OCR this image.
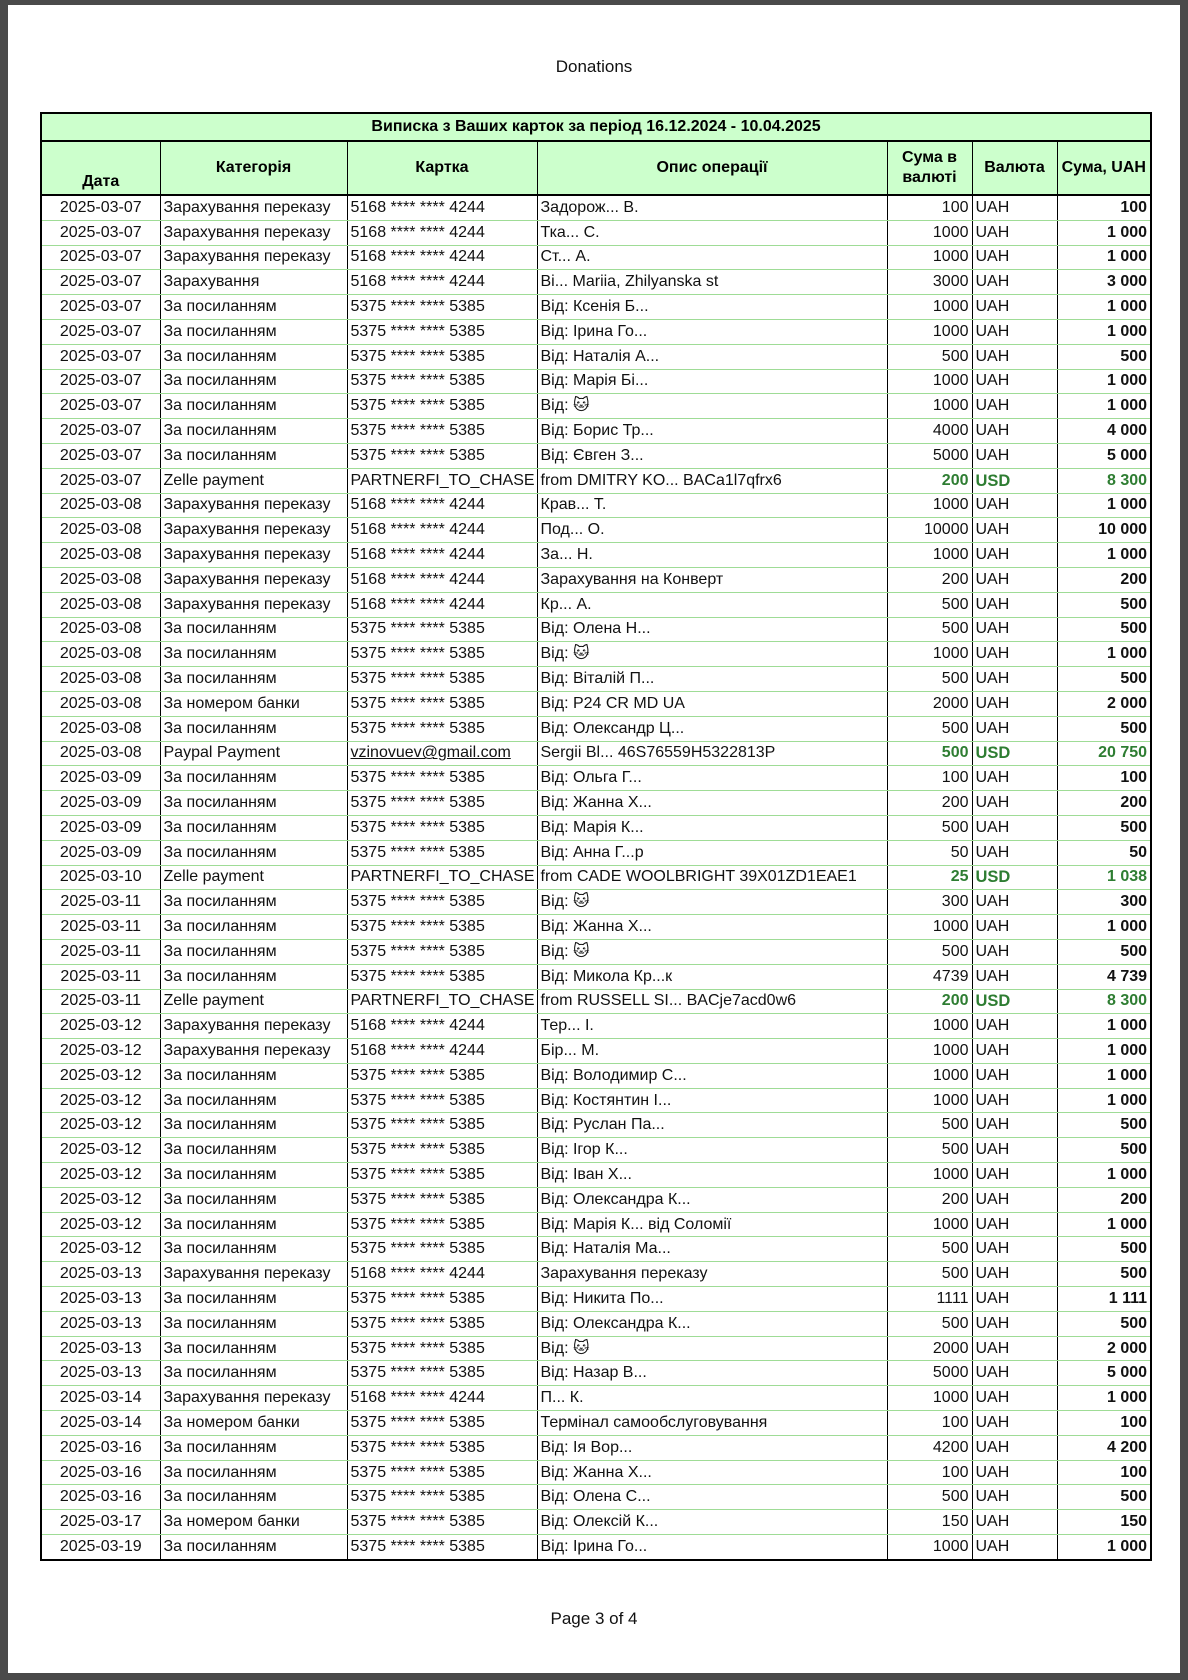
Donations
Виписка з Ваших карток за період 16.12.2024 - 10.04.2025						
Дата	Категорія	Картка	Опис операції	Сума в валюті	Валюта	Сума, UAH
2025-03-07	Зарахування переказу	5168 **** **** 4244	Задорож... В.	100	UAH	100
2025-03-07	Зарахування переказу	5168 **** **** 4244	Тка... С.	1000	UAH	1 000
2025-03-07	Зарахування переказу	5168 **** **** 4244	Ст... А.	1000	UAH	1 000
2025-03-07	Зарахування	5168 **** **** 4244	Ві... Mariia, Zhilyanska st	3000	UAH	3 000
2025-03-07	За посиланням	5375 **** **** 5385	Від: Ксенія Б...	1000	UAH	1 000
2025-03-07	За посиланням	5375 **** **** 5385	Від: Ірина Го...	1000	UAH	1 000
2025-03-07	За посиланням	5375 **** **** 5385	Від: Наталія А...	500	UAH	500
2025-03-07	За посиланням	5375 **** **** 5385	Від: Марія Бі...	1000	UAH	1 000
2025-03-07	За посиланням	5375 **** **** 5385	Від: 🐱	1000	UAH	1 000
2025-03-07	За посиланням	5375 **** **** 5385	Від: Борис Тр...	4000	UAH	4 000
2025-03-07	За посиланням	5375 **** **** 5385	Від: Євген З...	5000	UAH	5 000
2025-03-07	Zelle payment	PARTNERFI_TO_CHASE	from DMITRY KO... BACa1l7qfrx6	200	USD	8 300
2025-03-08	Зарахування переказу	5168 **** **** 4244	Крав... Т.	1000	UAH	1 000
2025-03-08	Зарахування переказу	5168 **** **** 4244	Под... О.	10000	UAH	10 000
2025-03-08	Зарахування переказу	5168 **** **** 4244	За... Н.	1000	UAH	1 000
2025-03-08	Зарахування переказу	5168 **** **** 4244	Зарахування на Конверт	200	UAH	200
2025-03-08	Зарахування переказу	5168 **** **** 4244	Кр... А.	500	UAH	500
2025-03-08	За посиланням	5375 **** **** 5385	Від: Олена Н...	500	UAH	500
2025-03-08	За посиланням	5375 **** **** 5385	Від: 🐱	1000	UAH	1 000
2025-03-08	За посиланням	5375 **** **** 5385	Від: Віталій П...	500	UAH	500
2025-03-08	За номером банки	5375 **** **** 5385	Від: P24 CR MD UA	2000	UAH	2 000
2025-03-08	За посиланням	5375 **** **** 5385	Від: Олександр Ц...	500	UAH	500
2025-03-08	Paypal Payment	vzinovuev@gmail.com	Sergii Bl... 46S76559H5322813P	500	USD	20 750
2025-03-09	За посиланням	5375 **** **** 5385	Від: Ольга Г...	100	UAH	100
2025-03-09	За посиланням	5375 **** **** 5385	Від: Жанна Х...	200	UAH	200
2025-03-09	За посиланням	5375 **** **** 5385	Від: Марія К...	500	UAH	500
2025-03-09	За посиланням	5375 **** **** 5385	Від: Анна Г...р	50	UAH	50
2025-03-10	Zelle payment	PARTNERFI_TO_CHASE	from CADE WOOLBRIGHT 39X01ZD1EAE1	25	USD	1 038
2025-03-11	За посиланням	5375 **** **** 5385	Від: 🐱	300	UAH	300
2025-03-11	За посиланням	5375 **** **** 5385	Від: Жанна Х...	1000	UAH	1 000
2025-03-11	За посиланням	5375 **** **** 5385	Від: 🐱	500	UAH	500
2025-03-11	За посиланням	5375 **** **** 5385	Від: Микола Кр...к	4739	UAH	4 739
2025-03-11	Zelle payment	PARTNERFI_TO_CHASE	from RUSSELL SI... BACje7acd0w6	200	USD	8 300
2025-03-12	Зарахування переказу	5168 **** **** 4244	Тер... І.	1000	UAH	1 000
2025-03-12	Зарахування переказу	5168 **** **** 4244	Бір... М.	1000	UAH	1 000
2025-03-12	За посиланням	5375 **** **** 5385	Від: Володимир С...	1000	UAH	1 000
2025-03-12	За посиланням	5375 **** **** 5385	Від: Костянтин І...	1000	UAH	1 000
2025-03-12	За посиланням	5375 **** **** 5385	Від: Руслан Па...	500	UAH	500
2025-03-12	За посиланням	5375 **** **** 5385	Від: Ігор К...	500	UAH	500
2025-03-12	За посиланням	5375 **** **** 5385	Від: Іван Х...	1000	UAH	1 000
2025-03-12	За посиланням	5375 **** **** 5385	Від: Олександра К...	200	UAH	200
2025-03-12	За посиланням	5375 **** **** 5385	Від: Марія К... від Соломії	1000	UAH	1 000
2025-03-12	За посиланням	5375 **** **** 5385	Від: Наталія Ма...	500	UAH	500
2025-03-13	Зарахування переказу	5168 **** **** 4244	Зарахування переказу	500	UAH	500
2025-03-13	За посиланням	5375 **** **** 5385	Від: Никита По...	1111	UAH	1 111
2025-03-13	За посиланням	5375 **** **** 5385	Від: Олександра К...	500	UAH	500
2025-03-13	За посиланням	5375 **** **** 5385	Від: 🐱	2000	UAH	2 000
2025-03-13	За посиланням	5375 **** **** 5385	Від: Назар В...	5000	UAH	5 000
2025-03-14	Зарахування переказу	5168 **** **** 4244	П... К.	1000	UAH	1 000
2025-03-14	За номером банки	5375 **** **** 5385	Термінал самообслуговування	100	UAH	100
2025-03-16	За посиланням	5375 **** **** 5385	Від: Ія Вор...	4200	UAH	4 200
2025-03-16	За посиланням	5375 **** **** 5385	Від: Жанна Х...	100	UAH	100
2025-03-16	За посиланням	5375 **** **** 5385	Від: Олена С...	500	UAH	500
2025-03-17	За номером банки	5375 **** **** 5385	Від: Олексій К...	150	UAH	150
2025-03-19	За посиланням	5375 **** **** 5385	Від: Ірина Го...	1000	UAH	1 000
Page 3 of 4
